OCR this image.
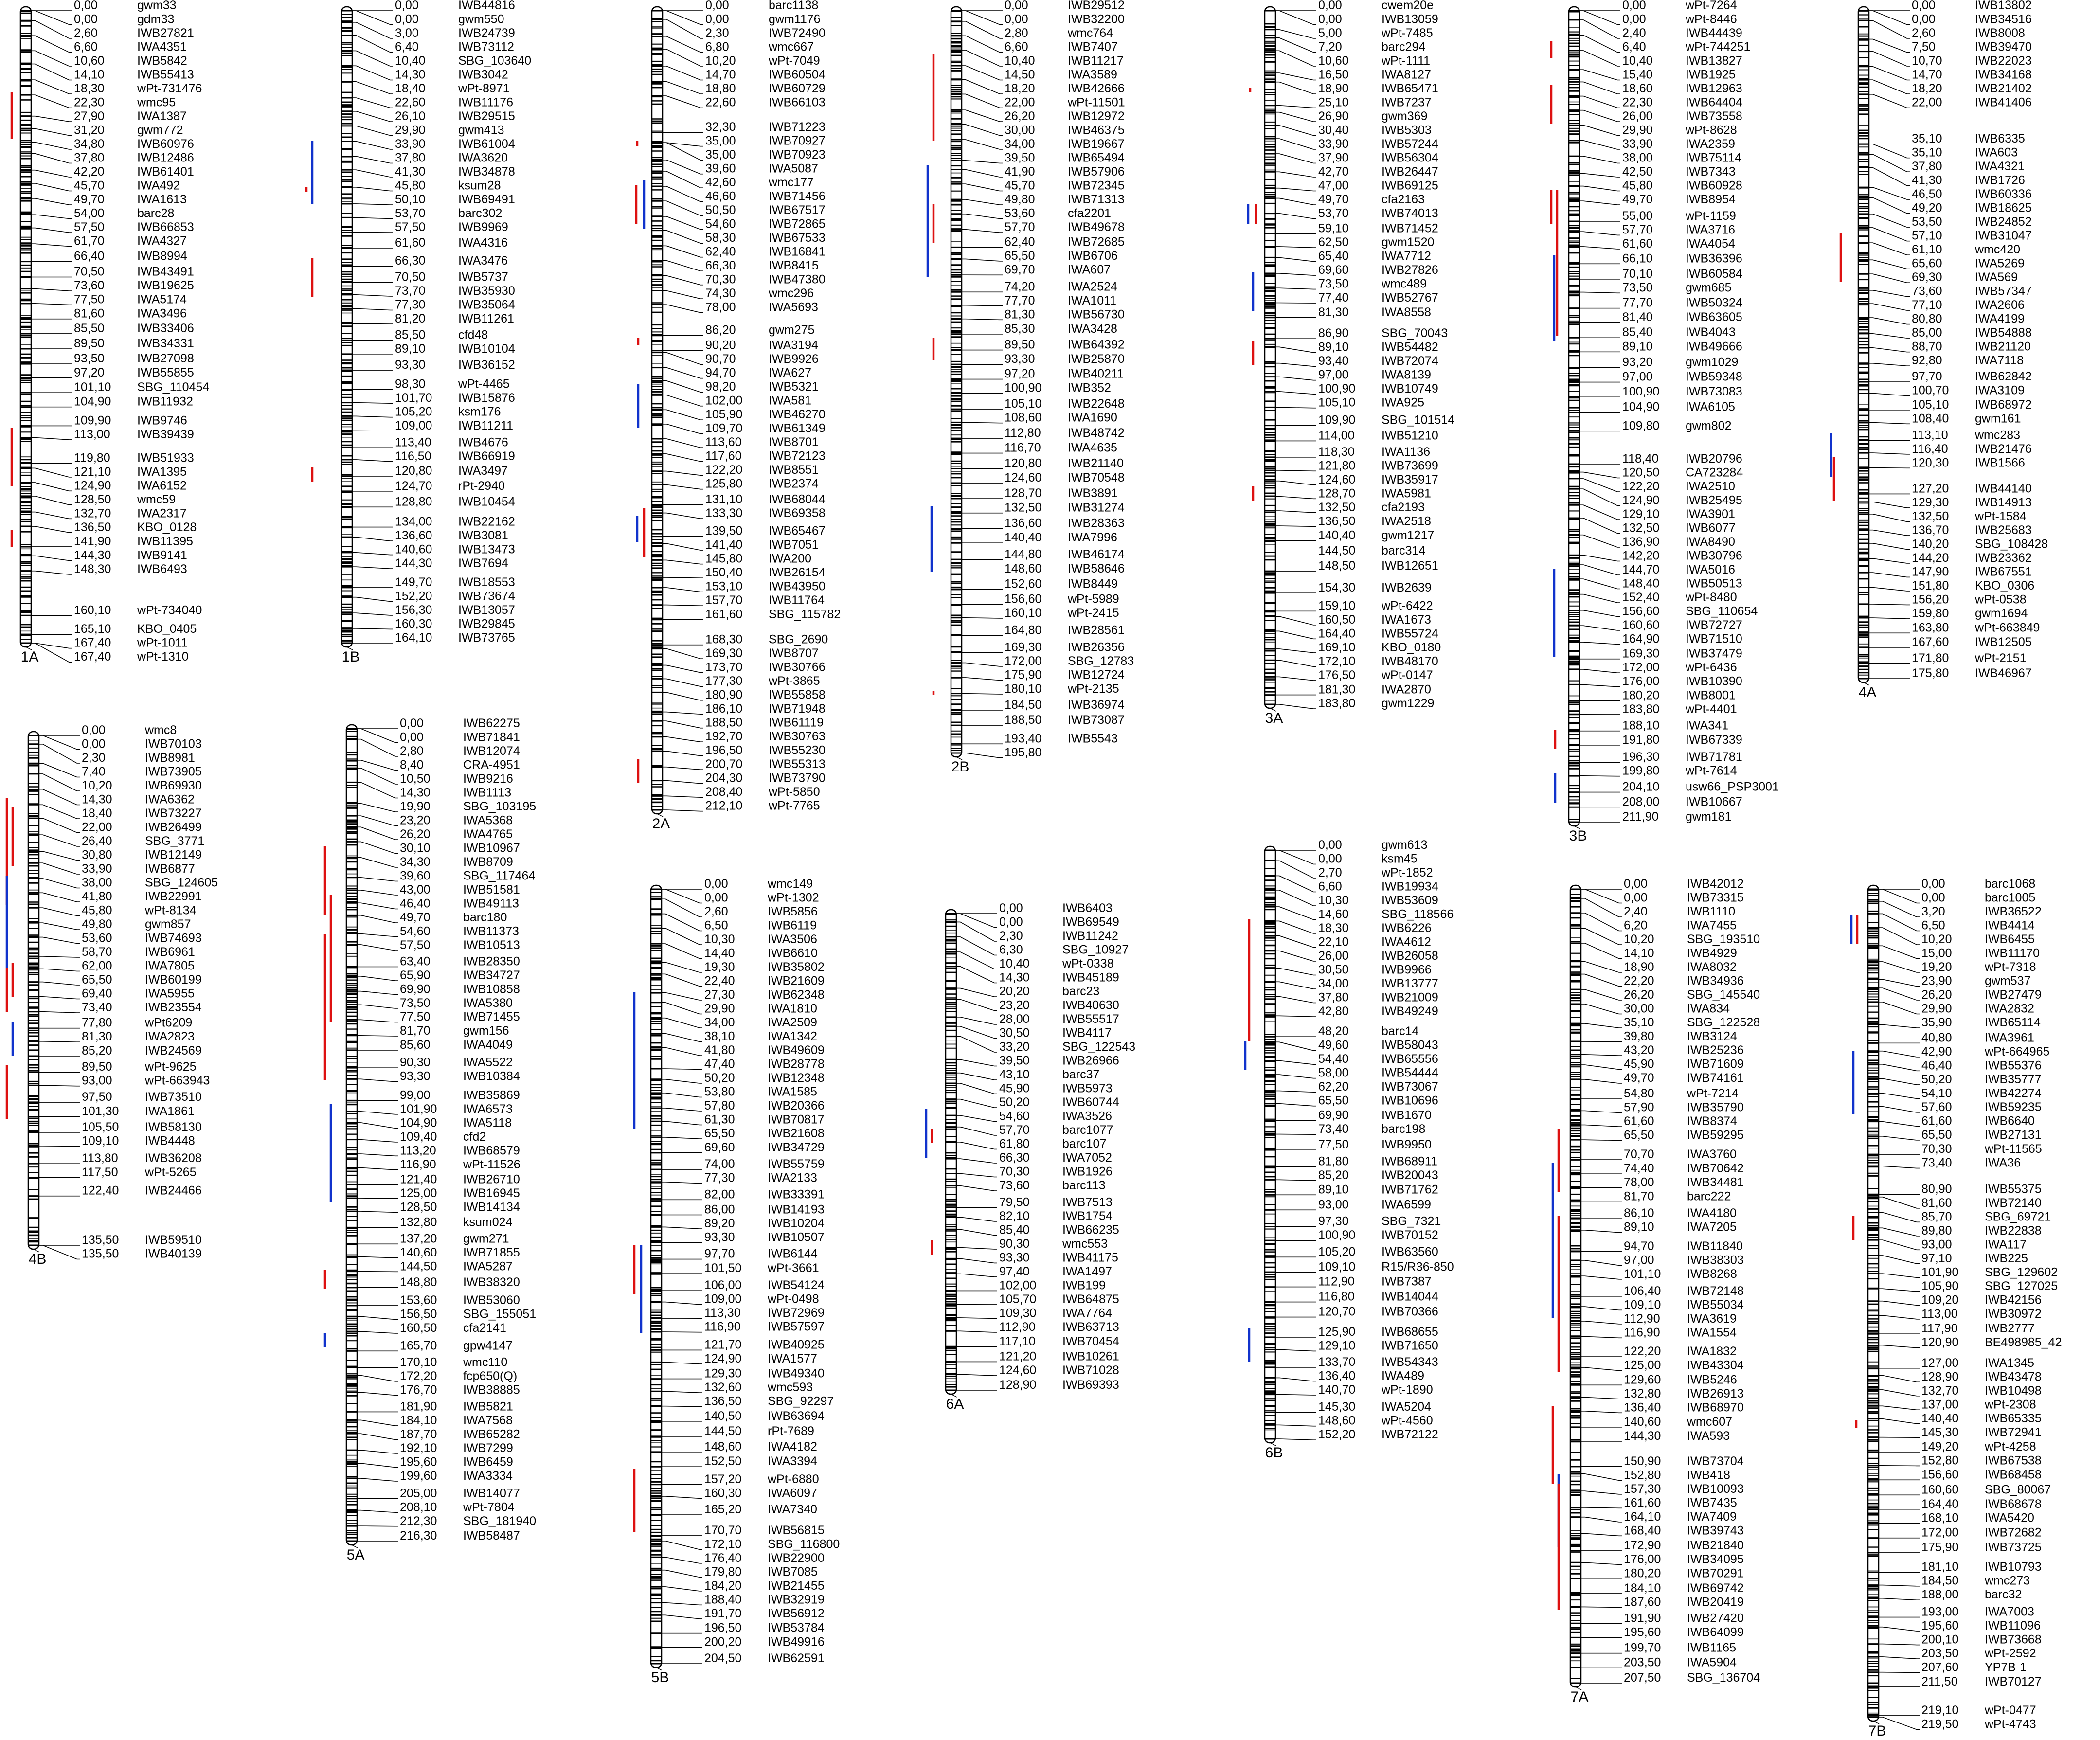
0,00	gwm33
0,00	gdm33
2,60	IWB27821
6,60	IWA4351
10,60	IWB5842
14,10	IWB55413
18,30	wPt-731476
22,30	wmc95
27,90	IWA1387
31,20	gwm772
34,80	IWB60976
37,80	IWB12486
42,20	IWB61401
45,70	IWA492
49,70	IWA1613
54,00	barc28
57,50	IWB66853
61,70	IWA4327
66,40	IWB8994
70,50	IWB43491
73,60	IWB19625
77,50	IWA5174
81,60	IWA3496
85,50	IWB33406
89,50	IWB34331
93,50	IWB27098
97,20	IWB55855
101,10 SBG_110454
104,90 IWB11932
109,90 IWB9746
113,00 IWB39439
119,80 IWB51933
121,10 IWA1395
124,90 IWA6152
128,50 wmc59
132,70 IWA2317
136,50 KBO_0128
141,90 IWB11395
144,30 IWB9141
148,30 IWB6493
160,10 wPt-734040
165,10 KBO_0405
167,40 wPt-1011
167,40 wPt-1310
1A
0,00	IWB44816
0,00	gwm550
3,00	IWB24739
6,40	IWB73112
10,40	SBG_103640
14,30	IWB3042
18,40	wPt-8971
22,60	IWB11176
26,10	IWB29515
29,90	gwm413
33,90	IWB61004
37,80	IWA3620
41,30	IWB34878
45,80	ksum28
50,10	IWB69491
53,70	barc302
57,50	IWB9969
61,60	IWA4316
66,30	IWA3476
70,50	IWB5737
73,70	IWB35930
77,30	IWB35064
81,20	IWB11261
85,50	cfd48
89,10	IWB10104
93,30	IWB36152
98,30	wPt-4465
101,70 IWB15876
105,20 ksm176
109,00 IWB11211
113,40 IWB4676
116,50 IWB66919
120,80 IWA3497
124,70 rPt-2940
128,80 IWB10454
134,00 IWB22162
136,60 IWB3081
140,60 IWB13473
144,30 IWB7694
149,70 IWB18553
152,20 IWB73674
156,30 IWB13057
160,30 IWB29845
164,10 IWB73765
1B
0,00	barc1138
0,00	gwm1176
2,30	IWB72490
6,80	wmc667
10,20	wPt-7049
14,70	IWB60504
18,80	IWB60729
22,60	IWB66103
32,30	IWB71223
35,00	IWB70927
35,00	IWB70923
39,60	IWA5087
42,60	wmc177
46,60	IWB71456
50,50	IWB67517
54,60	IWB72865
58,30	IWB67533
62,40	IWB16841
66,30	IWB8415
70,30	IWB47380
74,30	wmc296
78,00	IWA5693
86,20	gwm275
90,20	IWA3194
90,70	IWB9926
94,70	IWA627
98,20	IWB5321
102,00 IWA581
105,90 IWB46270
109,70 IWB61349
113,60 IWB8701
117,60 IWB72123
122,20 IWB8551
125,80 IWB2374
131,10 IWB68044
133,30 IWB69358
139,50 IWB65467
141,40 IWB7051
145,80 IWA200
150,40 IWB26154
153,10 IWB43950
157,70 IWB11764
161,60 SBG_115782
168,30 SBG_2690
169,30 IWB8707
173,70 IWB30766
177,30 wPt-3865
180,90 IWB55858
186,10 IWB71948
188,50 IWB61119
192,70 IWB30763
196,50 IWB55230
200,70 IWB55313
204,30 IWB73790
208,40 wPt-5850
212,10 wPt-7765
2A
0,00	IWB29512
0,00	IWB32200
2,80	wmc764
6,60	IWB7407
10,40	IWB11217
14,50	IWA3589
18,20	IWB42666
22,00	wPt-11501
26,20	IWB12972
30,00	IWB46375
34,00	IWB19667
39,50	IWB65494
41,90	IWB57906
45,70	IWB72345
49,80	IWB71313
53,60	cfa2201
57,70	IWB49678
62,40	IWB72685
65,50	IWB6706
69,70	IWA607
74,20	IWA2524
77,70	IWA1011
81,30	IWB56730
85,30	IWA3428
89,50	IWB64392
93,30	IWB25870
97,20	IWB40211
100,90 IWB352
105,10 IWB22648
108,60 IWA1690
112,80 IWB48742
116,70 IWA4635
120,80 IWB21140
124,60 IWB70548
128,70 IWB3891
132,50 IWB31274
136,60 IWB28363
140,40 IWA7996
144,80 IWB46174
148,60 IWB58646
152,60 IWB8449
156,60 wPt-5989
160,10 wPt-2415
164,80 IWB28561
169,30 IWB26356
172,00 SBG_12783
175,90 IWB12724
180,10 wPt-2135
184,50 IWB36974
188,50 IWB73087
193,40 IWB5543
195,80
2B
0,00	cwem20e
0,00	IWB13059
5,00	wPt-7485
7,20	barc294
10,60	wPt-1111
16,50	IWA8127
18,90	IWB65471
25,10	IWB7237
26,90	gwm369
30,40	IWB5303
33,90	IWB57244
37,90	IWB56304
42,70	IWB26447
47,00	IWB69125
49,70	cfa2163
53,70	IWB74013
59,10	IWB71452
62,50	gwm1520
65,40	IWA7712
69,60	IWB27826
73,50	wmc489
77,40	IWB52767
81,30	IWA8558
86,90	SBG_70043
89,10	IWB54482
93,40	IWB72074
97,00	IWA8139
100,90 IWB10749
105,10 IWA925
109,90 SBG_101514
114,00 IWB51210
118,30 IWA1136
121,80 IWB73699
124,60 IWB35917
128,70 IWA5981
132,50 cfa2193
136,50 IWA2518
140,40 gwm1217
144,50 barc314
148,50 IWB12651
154,30 IWB2639
159,10 wPt-6422
160,50 IWA1673
164,40 IWB55724
169,10 KBO_0180
172,10 IWB48170
176,50 wPt-0147
181,30 IWA2870
183,80 gwm1229
3A
0,00	wPt-7264
0,00	wPt-8446
2,40	IWB44439
6,40	wPt-744251
10,40	IWB13827
15,40	IWB1925
18,60	IWB12963
22,30	IWB64404
26,00	IWB73558
29,90	wPt-8628
33,90	IWA2359
38,00	IWB75114
42,50	IWB7343
45,80	IWB60928
49,70	IWB8954
55,00	wPt-1159
57,70	IWA3716
61,60	IWA4054
66,10	IWB36396
70,10	IWB60584
73,50	gwm685
77,70	IWB50324
81,40	IWB63605
85,40	IWB4043
89,10	IWB49666
93,20	gwm1029
97,00	IWB59348
100,90 IWB73083
104,90 IWA6105
109,80 gwm802
118,40 IWB20796
120,50 CA723284
122,20 IWA2510
124,90 IWB25495
129,10 IWA3901
132,50 IWB6077
136,90 IWA8490
142,20 IWB30796
144,70 IWA5016
148,40 IWB50513
152,40 wPt-8480
156,60 SBG_110654
160,60 IWB72727
164,90 IWB71510
169,30 IWB37479
172,00 wPt-6436
176,00 IWB10390
180,20 IWB8001
183,80 wPt-4401
188,10 IWA341
191,80 IWB67339
196,30 IWB71781
199,80 wPt-7614
204,10 usw66_PSP3001
208,00 IWB10667
211,90 gwm181
3B
0,00	IWB13802
0,00	IWB34516
2,60	IWB8008
7,50	IWB39470
10,70	IWB22023
14,70	IWB34168
18,20	IWB21402
22,00	IWB41406
35,10	IWB6335
35,10	IWA603
37,80	IWA4321
41,30	IWB1726
46,50	IWB60336
49,20	IWB18625
53,50	IWB24852
57,10	IWB31047
61,10	wmc420
65,60	IWA5269
69,30	IWA569
73,60	IWB57347
77,10	IWA2606
80,80	IWA4199
85,00	IWB54888
88,70	IWB21120
92,80	IWA7118
97,70	IWB62842
100,70 IWA3109
105,10 IWB68972
108,40 gwm161
113,10 wmc283
116,40 IWB21476
120,30 IWB1566
127,20 IWB44140
129,30 IWB14913
132,50 wPt-1584
136,70 IWB25683
140,20 SBG_108428
144,20 IWB23362
147,90 IWB67551
151,80 KBO_0306
156,20 wPt-0538
159,80 gwm1694
163,80 wPt-663849
167,60 IWB12505
171,80 wPt-2151
175,80 IWB46967
4A
0,00	wmc8
0,00	IWB70103
2,30	IWB8981
7,40	IWB73905
10,20	IWB69930
14,30	IWA6362
18,40	IWB73227
22,00	IWB26499
26,40	SBG_3771
30,80	IWB12149
33,90	IWB6877
38,00	SBG_124605
41,80	IWB22991
45,80	wPt-8134
49,80	gwm857
53,60	IWB74693
58,70	IWB6961
62,00	IWA7805
65,50	IWB60199
69,40	IWA5955
73,40	IWB23554
77,80	wPt6209
81,30	IWA2823
85,20	IWB24569
89,50	wPt-9625
93,00	wPt-663943
97,50	IWB73510
101,30 IWA1861
105,50 IWB58130
109,10 IWB4448
113,80 IWB36208
117,50 wPt-5265
122,40 IWB24466
135,50 IWB59510
135,50 IWB40139
4B
0,00	IWB62275
0,00	IWB71841
2,80	IWB12074
8,40	CRA-4951
10,50	IWB9216
14,30	IWB1113
19,90	SBG_103195
23,20	IWA5368
26,20	IWA4765
30,10	IWB10967
34,30	IWB8709
39,60	SBG_117464
43,00	IWB51581
46,40	IWB49113
49,70	barc180
54,60	IWB11373
57,50	IWB10513
63,40	IWB28350
65,90	IWB34727
69,90	IWB10858
73,50	IWA5380
77,50	IWB71455
81,70	gwm156
85,60	IWA4049
90,30	IWA5522
93,30	IWB10384
99,00	IWB35869
101,90 IWA6573
104,90 IWA5118
109,40 cfd2
113,20 IWB68579
116,90 wPt-11526
121,40 IWB26710
125,00 IWB16945
128,50 IWB14134
132,80 ksum024
137,20 gwm271
140,60 IWB71855
144,50 IWA5287
148,80 IWB38320
153,60 IWB53060
156,50 SBG_155051
160,50 cfa2141
165,70 gpw4147
170,10 wmc110
172,20 fcp650(Q)
176,70 IWB38885
181,90 IWB5821
184,10 IWA7568
187,70 IWB65282
192,10 IWB7299
195,60 IWB6459
199,60 IWA3334
205,00 IWB14077
208,10 wPt-7804
212,30 SBG_181940
216,30 IWB58487
5A
0,00	wmc149
0,00	wPt-1302
2,60	IWB5856
6,50	IWB6119
10,30	IWA3506
14,40	IWB6610
19,30	IWB35802
22,40	IWB21609
27,30	IWB62348
29,90	IWA1810
34,00	IWA2509
38,10	IWA1342
41,80	IWB49609
47,40	IWB28778
50,20	IWB12348
53,80	IWA1585
57,80	IWB20366
61,30	IWB70817
65,50	IWB21608
69,60	IWB34729
74,00	IWB55759
77,30	IWA2133
82,00	IWB33391
86,00	IWB14193
89,20	IWB10204
93,30	IWB10507
97,70	IWB6144
101,50 wPt-3661
106,00 IWB54124
109,00 wPt-0498
113,30 IWB72969
116,90 IWB57597
121,70 IWB40925
124,90 IWA1577
129,30 IWB49340
132,60 wmc593
136,50 SBG_92297
140,50 IWB63694
144,50 rPt-7689
148,60 IWA4182
152,50 IWA3394
157,20 wPt-6880
160,30 IWA6097
165,20 IWA7340
170,70 IWB56815
172,10 SBG_116800
176,40 IWB22900
179,80 IWB7085
184,20 IWB21455
188,40 IWB32919
191,70 IWB56912
196,50 IWB53784
200,20 IWB49916
204,50 IWB62591
5B
0,00	IWB6403
0,00	IWB69549
2,30	IWB11242
6,30	SBG_10927
10,40	wPt-0338
14,30	IWB45189
20,20	barc23
23,20	IWB40630
28,00	IWB55517
30,50	IWB4117
33,20	SBG_122543
39,50	IWB26966
43,10	barc37
45,90	IWB5973
50,20	IWB60744
54,60	IWA3526
57,70	barc1077
61,80	barc107
66,30	IWA7052
70,30	IWB1926
73,60	barc113
79,50	IWB7513
82,10	IWB1754
85,40	IWB66235
90,30	wmc553
93,30	IWB41175
97,40	IWA1497
102,00 IWB199
105,70 IWB64875
109,30 IWA7764
112,90 IWB63713
117,10 IWB70454
121,20 IWB10261
124,60 IWB71028
128,90 IWB69393
6A
0,00	gwm613
0,00	ksm45
2,70	wPt-1852
6,60	IWB19934
10,30	IWB53609
14,60	SBG_118566
18,30	IWB6226
22,10	IWA4612
26,00	IWB26058
30,50	IWB9966
34,00	IWB13777
37,80	IWB21009
42,80	IWB49249
48,20	barc14
49,60	IWB58043
54,40	IWB65556
58,00	IWB54444
62,20	IWB73067
65,50	IWB10696
69,90	IWB1670
73,40	barc198
77,50	IWB9950
81,80	IWB68911
85,20	IWB20043
89,10	IWB71762
93,00	IWA6599
97,30	SBG_7321
100,90 IWB70152
105,20 IWB63560
109,10 R15/R36-850
112,90 IWB7387
116,80 IWB14044
120,70 IWB70366
125,90 IWB68655
129,10 IWB71650
133,70 IWB54343
136,40 IWA489
140,70 wPt-1890
145,30 IWA5204
148,60 wPt-4560
152,20 IWB72122
6B
0,00	IWB42012
0,00	IWB73315
2,40	IWB1110
6,20	IWA7455
10,20	SBG_193510
14,10	IWB4929
18,90	IWA8032
22,20	IWB34936
26,20	SBG_145540
30,00	IWA834
35,10	SBG_122528
39,80	IWB3124
43,20	IWB25236
45,90	IWB71609
49,70	IWB74161
54,80	wPt-7214
57,90	IWB35790
61,60	IWB8374
65,50	IWB59295
70,70	IWA3760
74,40	IWB70642
78,00	IWB34481
81,70	barc222
86,10	IWA4180
89,10	IWA7205
94,70	IWB11840
97,00	IWB38303
101,10 IWB8268
106,40 IWB72148
109,10 IWB55034
112,90 IWA3619
116,90 IWA1554
122,20 IWA1832
125,00 IWB43304
129,60 IWB5246
132,80 IWB26913
136,40 IWB68970
140,60 wmc607
144,30 IWA593
150,90 IWB73704
152,80 IWB418
157,30 IWB10093
161,60 IWB7435
164,10 IWA7409
168,40 IWB39743
172,90 IWB21840
176,00 IWB34095
180,20 IWB70291
184,10 IWB69742
187,60 IWB20419
191,90 IWB27420
195,60 IWB64099
199,70 IWB1165
203,50 IWA5904
207,50 SBG_136704
7A
0,00	barc1068
0,00	barc1005
3,20	IWB36522
6,50	IWB4414
10,20	IWB6455
15,00	IWB11170
19,20	wPt-7318
23,90	gwm537
26,20	IWB27479
29,90	IWA2832
35,90	IWB65114
40,80	IWA3961
42,90	wPt-664965
46,40	IWB55376
50,20	IWB35777
54,10	IWB42274
57,60	IWB59235
61,60	IWB6640
65,50	IWB27131
70,30	wPt-11565
73,40	IWA36
80,90	IWB55375
81,60	IWB72140
85,70	SBG_69721
89,80	IWB22838
93,00	IWA117
97,10	IWB225
101,90 SBG_129602
105,90 SBG_127025
109,20 IWB42156
113,00 IWB30972
117,90 IWB2777
120,90 BE498985_42
127,00 IWA1345
128,90 IWB43478
132,70 IWB10498
137,00 wPt-2308
140,40 IWB65335
145,30 IWB72941
149,20 wPt-4258
152,80 IWB67538
156,60 IWB68458
160,60 SBG_80067
164,40 IWB68678
168,10 IWA5420
172,00 IWB72682
175,90 IWB73725
181,10 IWB10793
184,50 wmc273
188,00 barc32
193,00 IWA7003
195,60 IWB11096
200,10 IWB73668
203,50 wPt-2592
207,60 YP7B-1
211,50 IWB70127
219,10 wPt-0477
219,50 wPt-4743
7B
